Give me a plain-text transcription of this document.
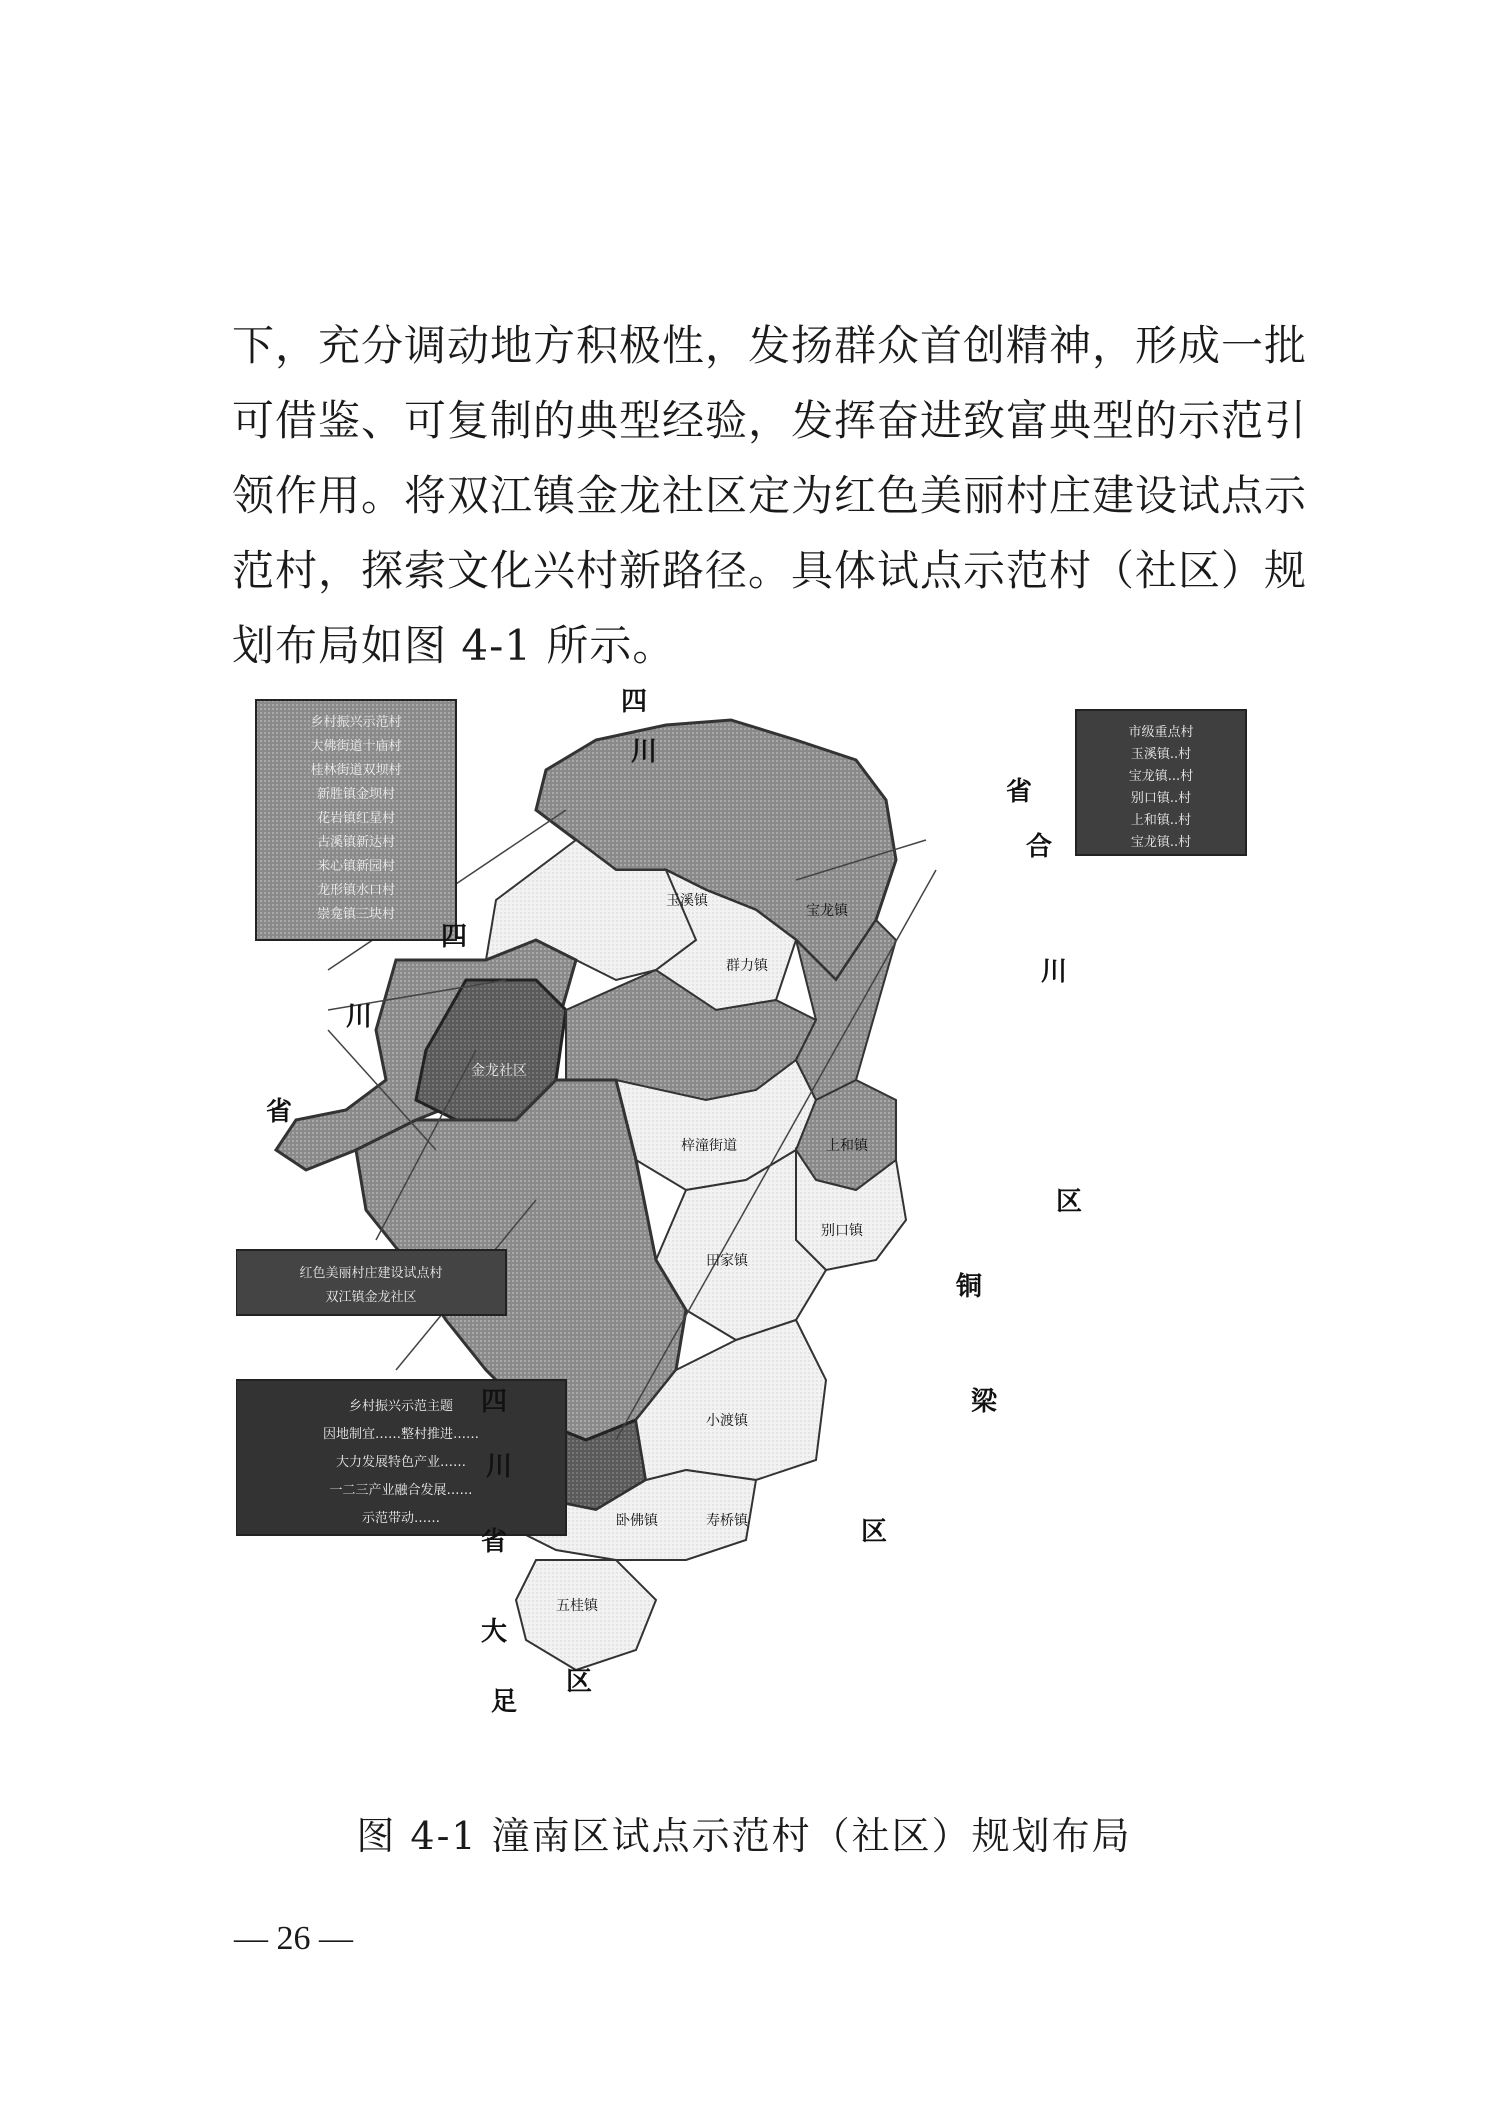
下，充分调动地方积极性，发扬群众首创精神，形成一批可借鉴、可复制的典型经验，发挥奋进致富典型的示范引领作用。将双江镇金龙社区定为红色美丽村庄建设试点示范村，探索文化兴村新路径。具体试点示范村（社区）规划布局如图 4-1 所示。

乡村振兴示范村
大佛街道十庙村
桂林街道双坝村
新胜镇金坝村
花岩镇红星村
古溪镇新达村
米心镇新园村
龙形镇水口村
崇龛镇三块村
市级重点村
玉溪镇..村
宝龙镇...村
别口镇..村
上和镇..村
宝龙镇..村
红色美丽村庄建设试点村
双江镇金龙社区
乡村振兴示范主题
因地制宜……整村推进……
大力发展特色产业……
一二三产业融合发展……
示范带动……
玉溪镇
群力镇
宝龙镇
金龙社区
梓潼街道	上和镇
别口镇
田家镇
小渡镇
卧佛镇	寿桥镇
五桂镇
四
川
省
合
四
川
省
川
区
铜
四
川
省
大
足
梁
区
区
图 4-1 潼南区试点示范村（社区）规划布局
— 26 —
